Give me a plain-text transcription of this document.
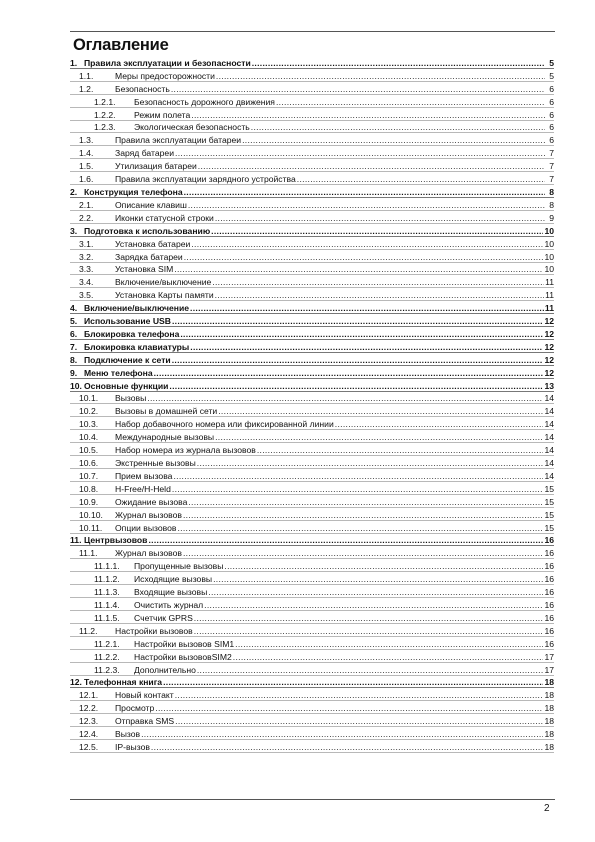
Оглавление
1. Правила эксплуатации и безопасности .....	5
1.1.	Меры предосторожности .....	5
1.2.	Безопасность .....	6
1.2.1.	Безопасность дорожного движения .....	6
1.2.2.	Режим полета .....	6
1.2.3.	Экологическая безопасность .....	6
1.3.	Правила эксплуатации батареи .....	6
1.4.	Заряд батареи .....	7
1.5.	Утилизация батареи .....	7
1.6.	Правила эксплуатации зарядного устройства .....	7
2. Конструкция телефона .....	8
2.1.	Описание клавиш .....	8
2.2.	Иконки статусной строки .....	9
3. Подготовка к использованию .....	10
3.1.	Установка батареи .....	10
3.2.	Зарядка батареи .....	10
3.3.	Установка SIM .....	10
3.4.	Включение/выключение .....	11
3.5.	Установка Карты памяти .....	11
4. Включение/выключение .....	11
5. Использование USB .....	12
6. Блокировка телефона .....	12
7. Блокировка клавиатуры .....	12
8. Подключение к сети .....	12
9. Меню телефона .....	12
10. Основные функции .....	13
10.1.	Вызовы .....	14
10.2.	Вызовы в домашней сети .....	14
10.3.	Набор добавочного номера или фиксированной линии .....	14
10.4.	Международные вызовы .....	14
10.5.	Набор номера из журнала вызовов .....	14
10.6.	Экстренные вызовы .....	14
10.7.	Прием вызова .....	14
10.8.	H-Free/H-Held .....	15
10.9.	Ожидание вызова .....	15
10.10.	Журнал вызовов .....	15
10.11.	Опции вызовов .....	15
11. Центрвызовов .....	16
11.1.	Журнал вызовов .....	16
11.1.1.	Пропущенные вызовы .....	16
11.1.2.	Исходящие вызовы .....	16
11.1.3.	Входящие вызовы .....	16
11.1.4.	Очистить журнал .....	16
11.1.5.	Счетчик GPRS .....	16
11.2.	Настройки вызовов .....	16
11.2.1.	Настройки вызовов SIM1 .....	16
11.2.2.	Настройки вызововSIM2 .....	17
11.2.3.	Дополнительно .....	17
12. Телефонная книга .....	18
12.1.	Новый контакт .....	18
12.2.	Просмотр .....	18
12.3.	Отправка SMS .....	18
12.4.	Вызов .....	18
12.5.	IP-вызов .....	18
2
